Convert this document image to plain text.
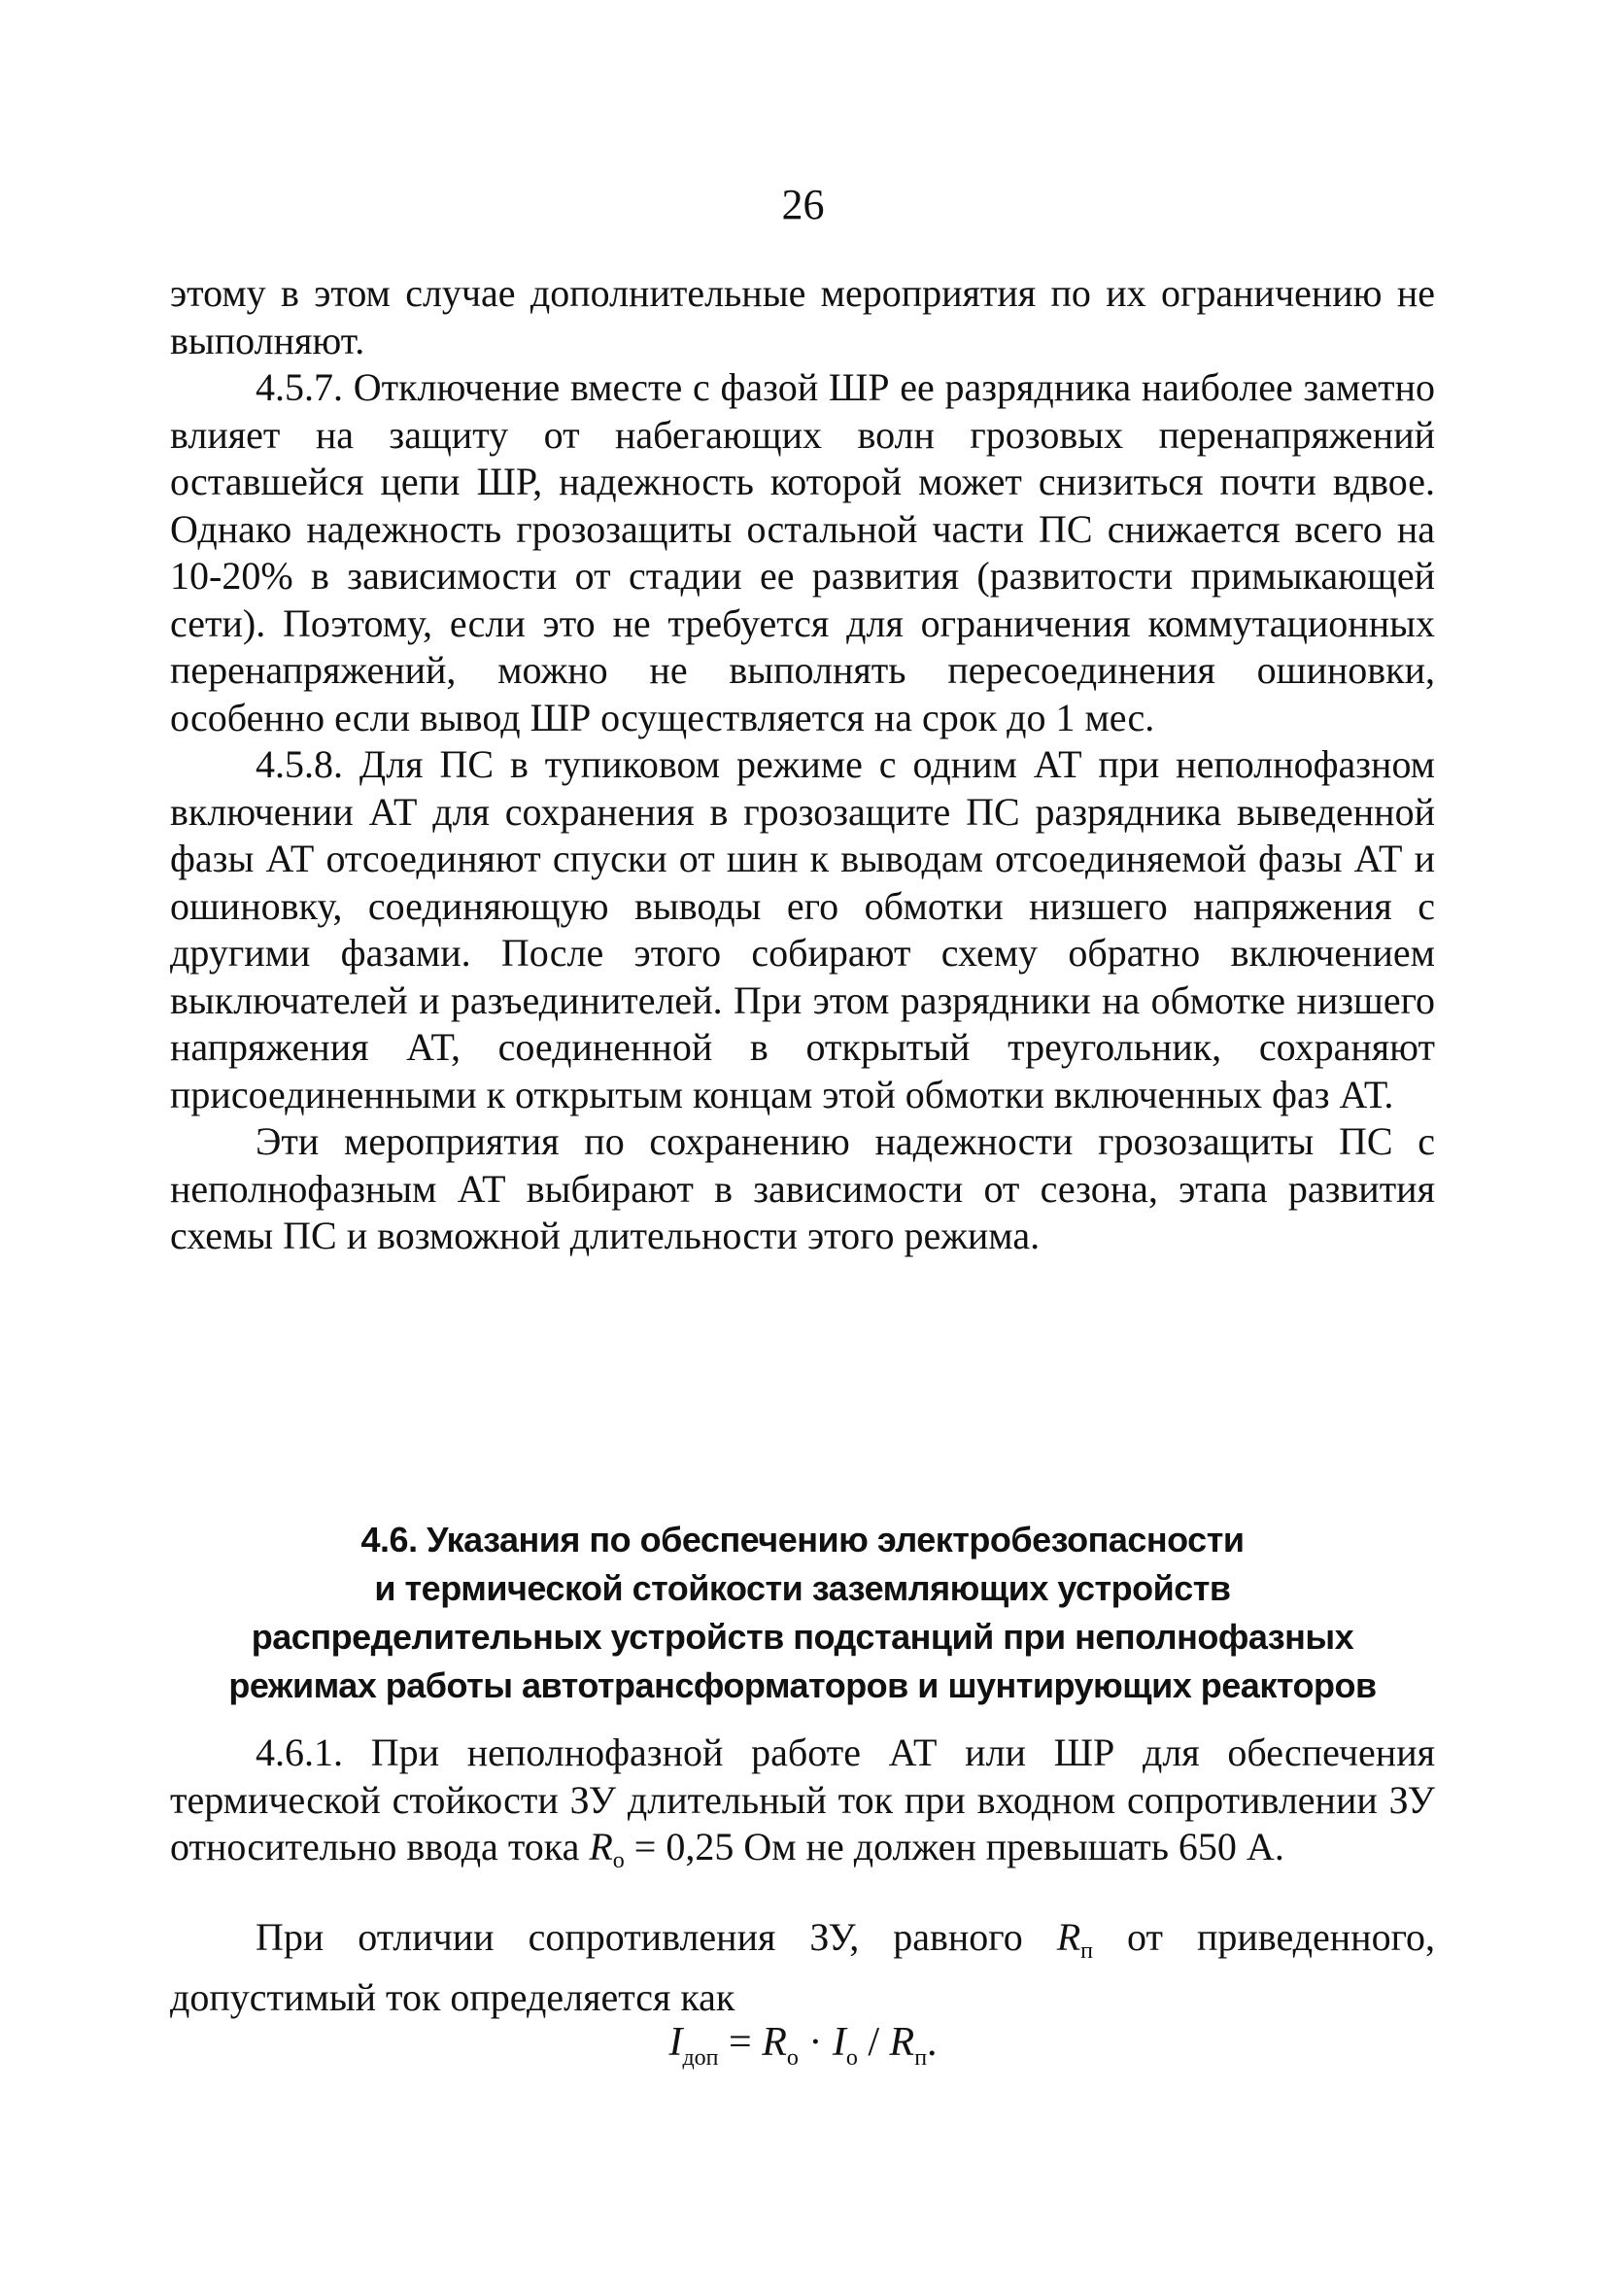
26

этому в этом случае дополнительные мероприятия по их ограничению не выполняют.

4.5.7. Отключение вместе с фазой ШР ее разрядника наиболее заметно влияет на защиту от набегающих волн грозовых перенапряжений оставшейся цепи ШР, надежность которой может снизиться почти вдвое. Однако надежность грозозащиты остальной части ПС снижается всего на 10-20% в зависимости от стадии ее развития (развитости примыкающей сети). Поэтому, если это не требуется для ограничения коммутационных перенапряжений, можно не выполнять пересоединения ошиновки, особенно если вывод ШР осуществляется на срок до 1 мес.

4.5.8. Для ПС в тупиковом режиме с одним АТ при неполнофазном включении АТ для сохранения в грозозащите ПС разрядника выведенной фазы АТ отсоединяют спуски от шин к выводам отсоединяемой фазы АТ и ошиновку, соединяющую выводы его обмотки низшего напряжения с другими фазами. После этого собирают схему обратно включением выключателей и разъединителей. При этом разрядники на обмотке низшего напряжения АТ, соединенной в открытый треугольник, сохраняют присоединенными к открытым концам этой обмотки включенных фаз АТ.

Эти мероприятия по сохранению надежности грозозащиты ПС с неполнофазным АТ выбирают в зависимости от сезона, этапа развития схемы ПС и возможной длительности этого режима.

4.6. Указания по обеспечению электробезопасности
и термической стойкости заземляющих устройств
распределительных устройств подстанций при неполнофазных
режимах работы автотрансформаторов и шунтирующих реакторов

4.6.1. При неполнофазной работе АТ или ШР для обеспечения термической стойкости ЗУ длительный ток при входном сопротивлении ЗУ относительно ввода тока $R_о = 0,25$ Ом не должен превышать 650 А.

При отличии сопротивления ЗУ, равного $R_п$ от приведенного, допустимый ток определяется как

$I_{доп} = R_о \cdot I_о / R_п$.
